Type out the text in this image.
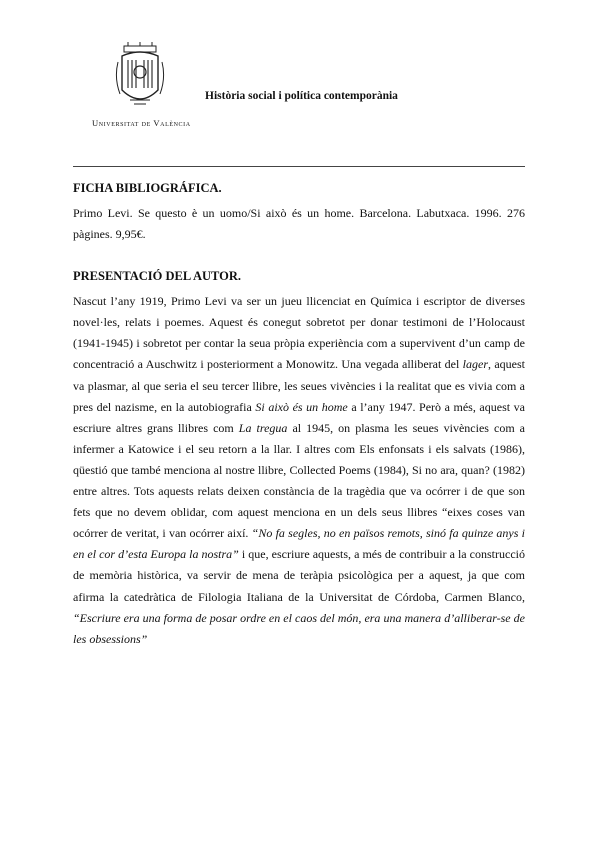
Universitat de València
Història social i política contemporània
FICHA BIBLIOGRÁFICA.

Primo Levi. Se questo è un uomo/Si això és un home. Barcelona. Labutxaca. 1996. 276 pàgines. 9,95€.

PRESENTACIÓ DEL AUTOR.

Nascut l’any 1919, Primo Levi va ser un jueu llicenciat en Química i escriptor de diverses novel·les, relats i poemes. Aquest és conegut sobretot per donar testimoni de l’Holocaust (1941-1945) i sobretot per contar la seua pròpia experiència com a supervivent d’un camp de concentració a Auschwitz i posteriorment a Monowitz. Una vegada alliberat del lager, aquest va plasmar, al que seria el seu tercer llibre, les seues vivències i la realitat que es vivia com a pres del nazisme, en la autobiografia Si això és un home a l’any 1947. Però a més, aquest va escriure altres grans llibres com La tregua al 1945, on plasma les seues vivències com a infermer a Katowice i el seu retorn a la llar. I altres com Els enfonsats i els salvats (1986), qüestió que també menciona al nostre llibre, Collected Poems (1984), Si no ara, quan? (1982) entre altres. Tots aquests relats deixen constància de la tragèdia que va ocórrer i de que son fets que no devem oblidar, com aquest menciona en un dels seus llibres “eixes coses van ocórrer de veritat, i van ocórrer així. “No fa segles, no en països remots, sinó fa quinze anys i en el cor d’esta Europa la nostra” i que, escriure aquests, a més de contribuir a la construcció de memòria històrica, va servir de mena de teràpia psicològica per a aquest, ja que com afirma la catedràtica de Filologia Italiana de la Universitat de Córdoba, Carmen Blanco, “Escriure era una forma de posar ordre en el caos del món, era una manera d’alliberar-se de les obsessions”
